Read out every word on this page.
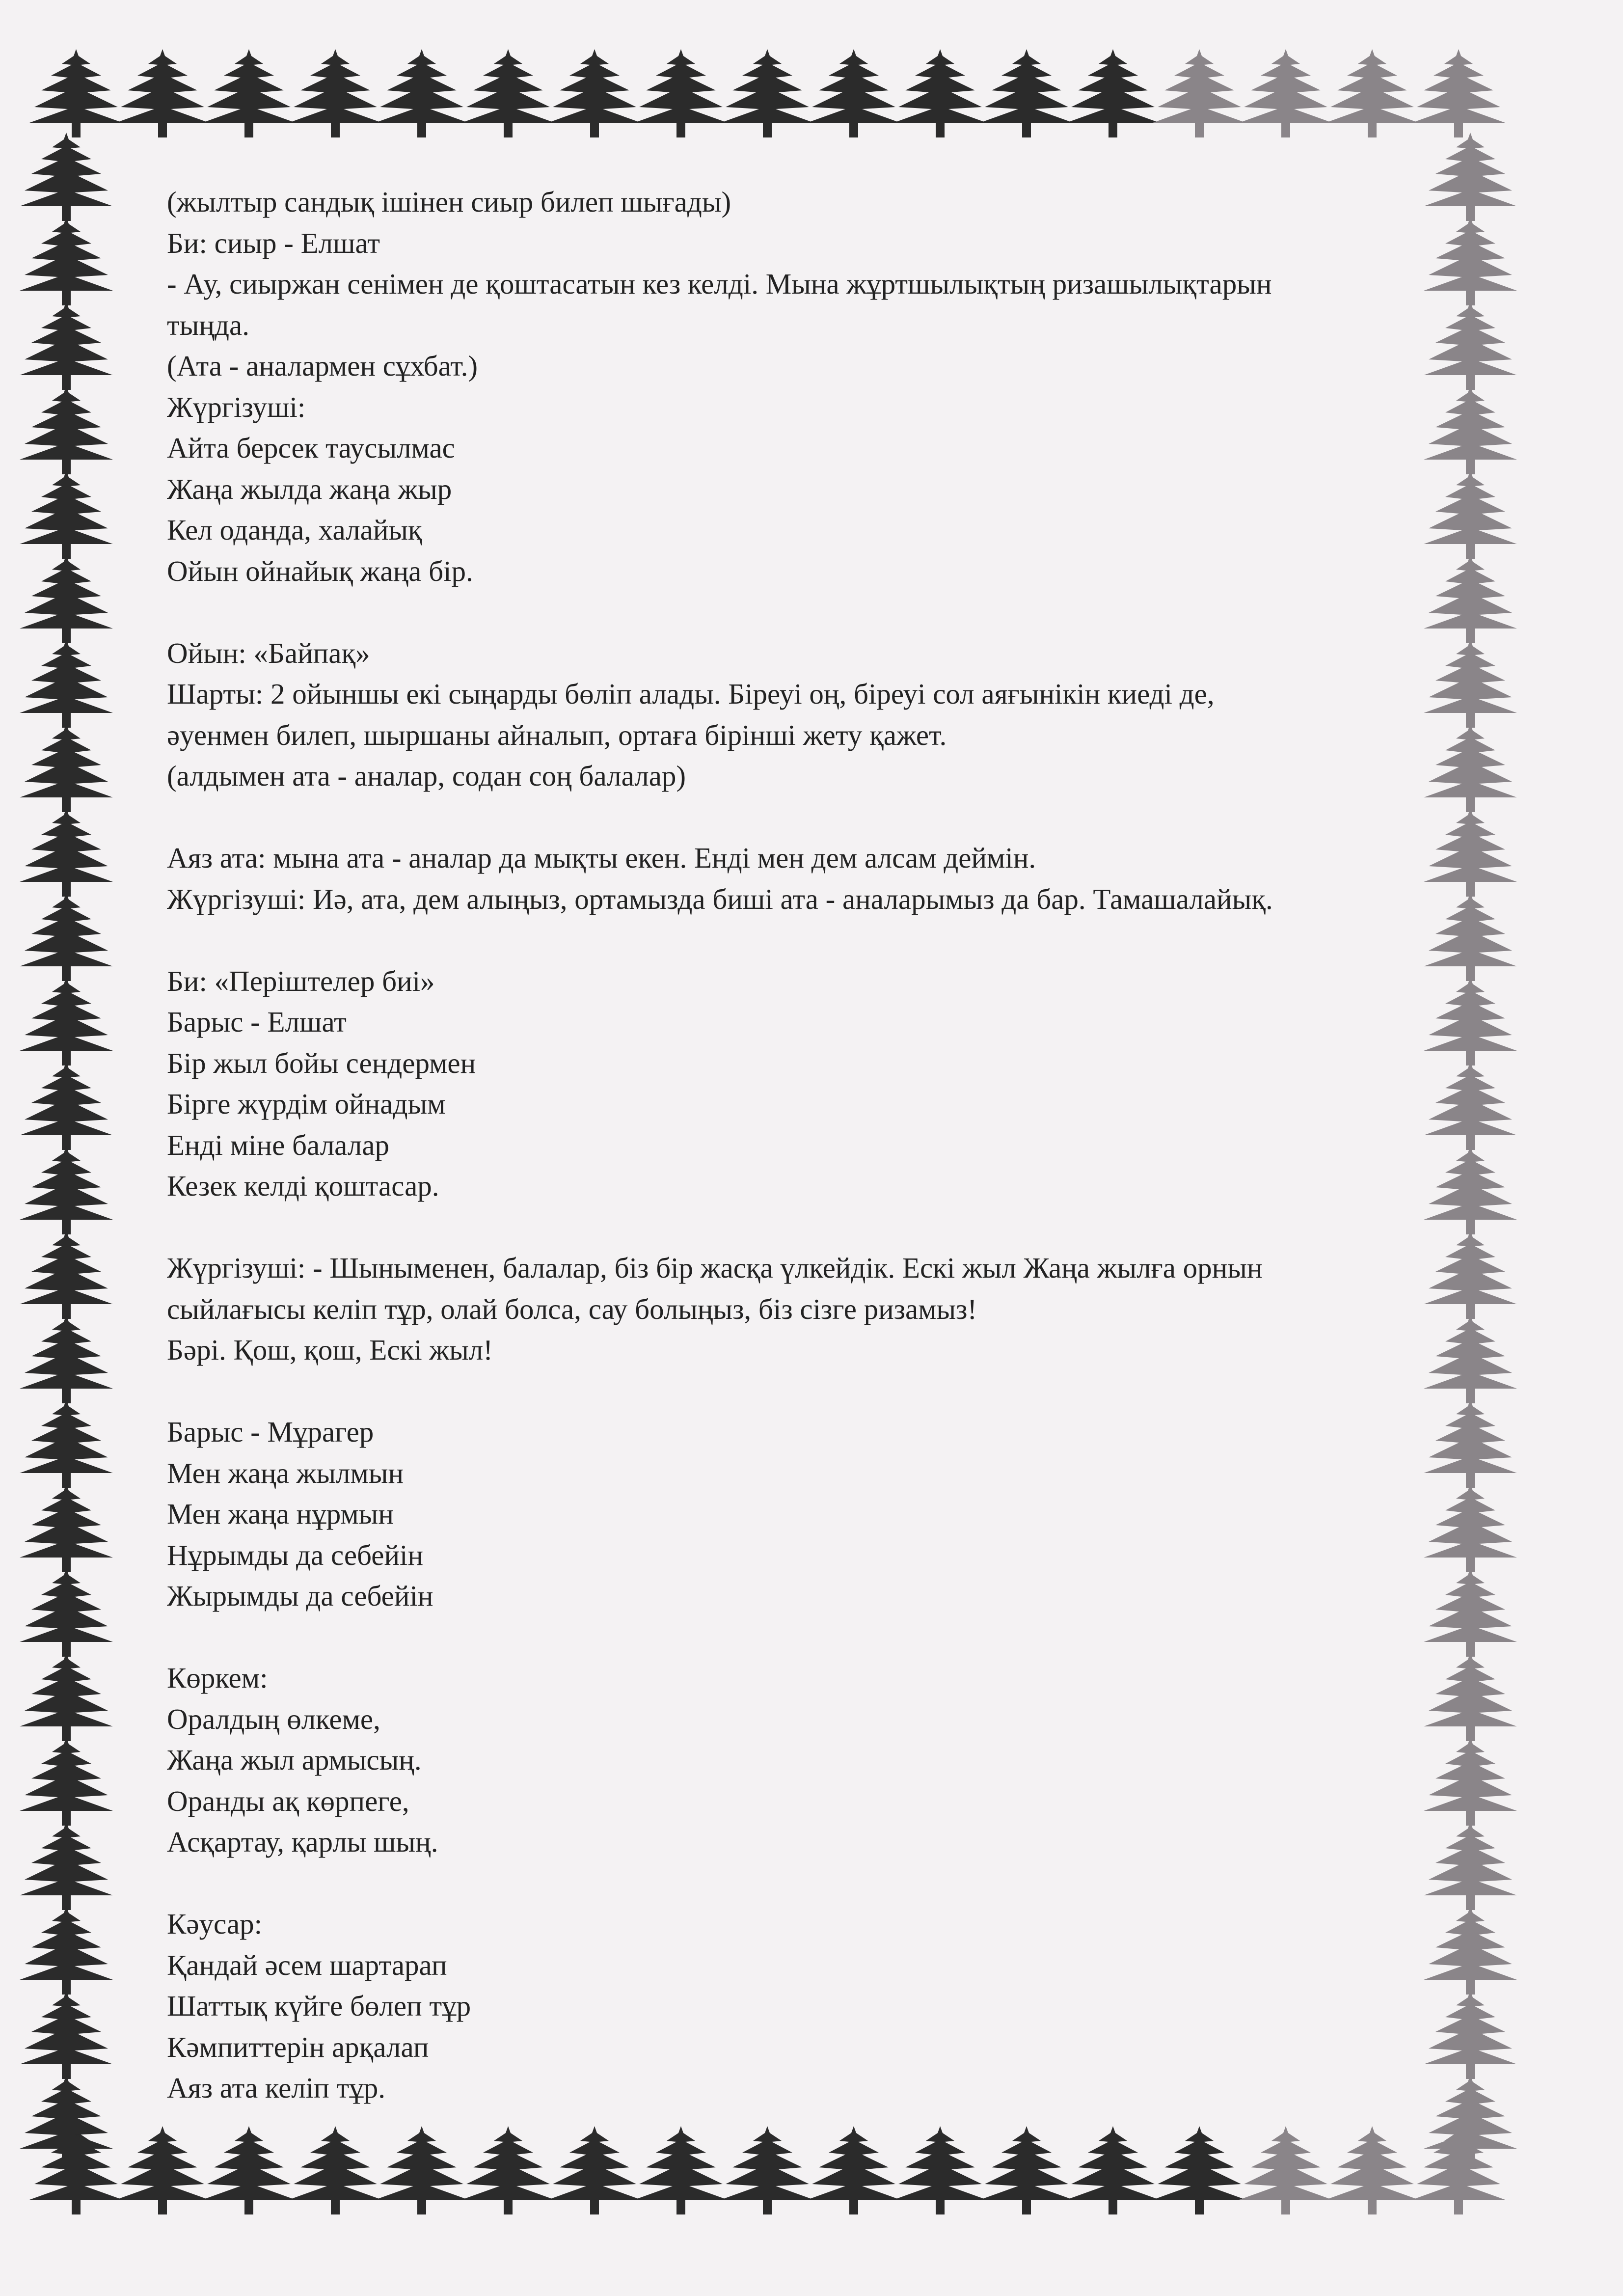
(жылтыр сандық ішінен сиыр билеп шығады)
Би: сиыр - Елшат
- Ау, сиыржан сенімен де қоштасатын кез келді. Мына жұртшылықтың ризашылықтарын
тыңда.
(Ата - аналармен сұхбат.)
Жүргізуші:
Айта берсек таусылмас
Жаңа жылда жаңа жыр
Кел оданда, халайық
Ойын ойнайық жаңа бір.
Ойын: «Байпақ»
Шарты: 2 ойыншы екі сыңарды бөліп алады. Біреуі оң, біреуі сол аяғынікін киеді де,
әуенмен билеп, шыршаны айналып, ортаға бірінші жету қажет.
(алдымен ата - аналар, содан соң балалар)
Аяз ата: мына ата - аналар да мықты екен. Енді мен дем алсам деймін.
Жүргізуші: Иә, ата, дем алыңыз, ортамызда биші ата - аналарымыз да бар. Тамашалайық.
Би: «Періштелер биі»
Барыс - Елшат
Бір жыл бойы сендермен
Бірге жүрдім ойнадым
Енді міне балалар
Кезек келді қоштасар.
Жүргізуші: - Шыныменен, балалар, біз бір жасқа үлкейдік. Ескі жыл Жаңа жылға орнын
сыйлағысы келіп тұр, олай болса, сау болыңыз, біз сізге ризамыз!
Бәрі. Қош, қош, Ескі жыл!
Барыс - Мұрагер
Мен жаңа жылмын
Мен жаңа нұрмын
Нұрымды да себейін
Жырымды да себейін
Көркем:
Оралдың өлкеме,
Жаңа жыл армысың.
Оранды ақ көрпеге,
Асқартау, қарлы шың.
Кәусар:
Қандай әсем шартарап
Шаттық күйге бөлеп тұр
Кәмпиттерін арқалап
Аяз ата келіп тұр.
